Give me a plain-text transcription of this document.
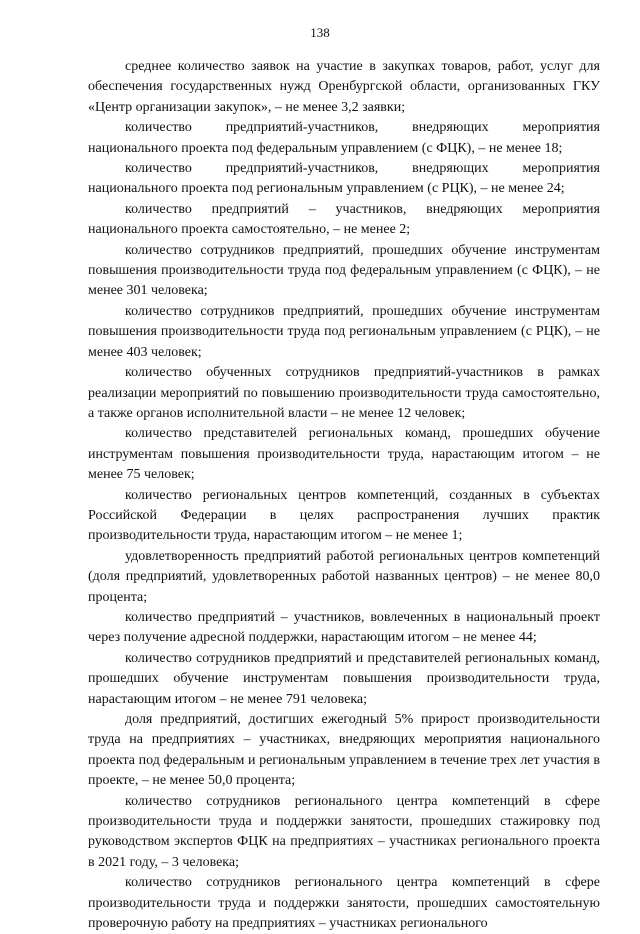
138

среднее количество заявок на участие в закупках товаров, работ, услуг для обеспечения государственных нужд Оренбургской области, организованных ГКУ «Центр организации закупок», – не менее 3,2 заявки;

количество предприятий-участников, внедряющих мероприятия национального проекта под федеральным управлением (с ФЦК), – не менее 18;

количество предприятий-участников, внедряющих мероприятия национального проекта под региональным управлением (с РЦК), – не менее 24;

количество предприятий – участников, внедряющих мероприятия национального проекта самостоятельно, – не менее 2;

количество сотрудников предприятий, прошедших обучение инструментам повышения производительности труда под федеральным управлением (с ФЦК), – не менее 301 человека;

количество сотрудников предприятий, прошедших обучение инструментам повышения производительности труда под региональным управлением (с РЦК), – не менее 403 человек;

количество обученных сотрудников предприятий-участников в рамках реализации мероприятий по повышению производительности труда самостоятельно, а также органов исполнительной власти – не менее 12 человек;

количество представителей региональных команд, прошедших обучение инструментам повышения производительности труда, нарастающим итогом – не менее 75 человек;

количество региональных центров компетенций, созданных в субъектах Российской Федерации в целях распространения лучших практик производительности труда, нарастающим итогом – не менее 1;

удовлетворенность предприятий работой региональных центров компетенций (доля предприятий, удовлетворенных работой названных центров) – не менее 80,0 процента;

количество предприятий – участников, вовлеченных в национальный проект через получение адресной поддержки, нарастающим итогом – не менее 44;

количество сотрудников предприятий и представителей региональных команд, прошедших обучение инструментам повышения производительности труда, нарастающим итогом – не менее 791 человека;

доля предприятий, достигших ежегодный 5% прирост производительности труда на предприятиях – участниках, внедряющих мероприятия национального проекта под федеральным и региональным управлением в течение трех лет участия в проекте, – не менее 50,0 процента;

количество сотрудников регионального центра компетенций в сфере производительности труда и поддержки занятости, прошедших стажировку под руководством экспертов ФЦК на предприятиях – участниках регионального проекта в 2021 году, – 3 человека;

количество сотрудников регионального центра компетенций в сфере производительности труда и поддержки занятости, прошедших самостоятельную проверочную работу на предприятиях – участниках регионального
